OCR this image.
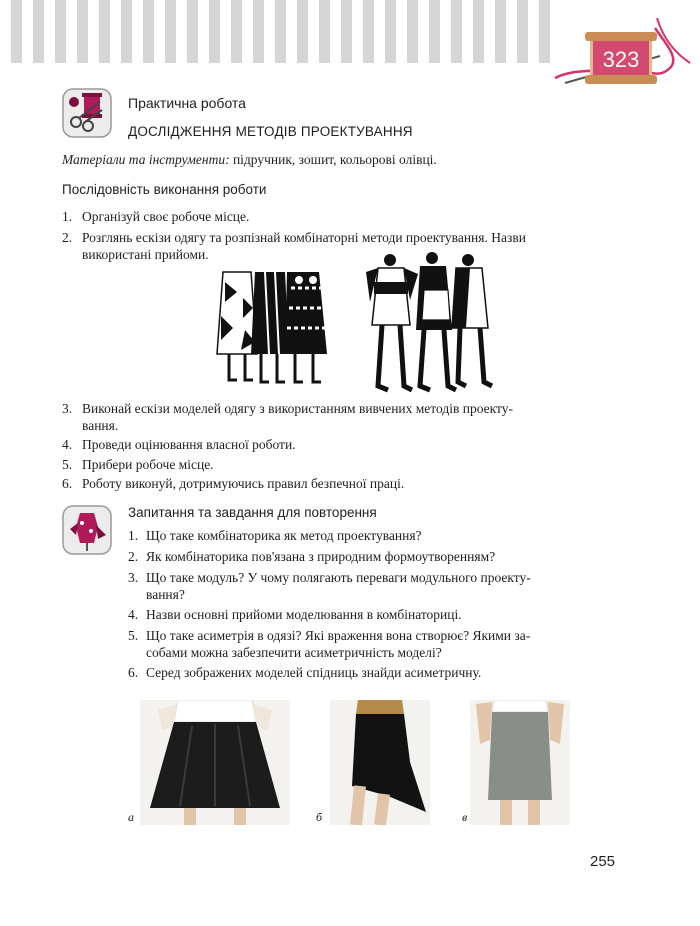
323
Практична робота
ДОСЛІДЖЕННЯ МЕТОДІВ ПРОЕКТУВАННЯ
Матеріали та інструменти: підручник, зошит, кольорові олівці.
Послідовність виконання роботи
1. Організуй своє робоче місце.
2. Розглянь ескізи одягу та розпізнай комбінаторні методи проектування. Назви
використані прийоми.
3. Виконай ескізи моделей одягу з використанням вивчених методів проекту-
вання.
4. Проведи оцінювання власної роботи.
5. Прибери робоче місце.
6. Роботу виконуй, дотримуючись правил безпечної праці.
Запитання та завдання для повторення
1. Що таке комбінаторика як метод проектування?
2. Як комбінаторика пов'язана з природним формоутворенням?
3. Що таке модуль? У чому полягають переваги модульного проекту-
вання?
4. Назви основні прийоми моделювання в комбінаториці.
5. Що таке асиметрія в одязі? Які враження вона створює? Якими за-
собами можна забезпечити асиметричність моделі?
6. Серед зображених моделей спідниць знайди асиметричну.
а	б	в
255
